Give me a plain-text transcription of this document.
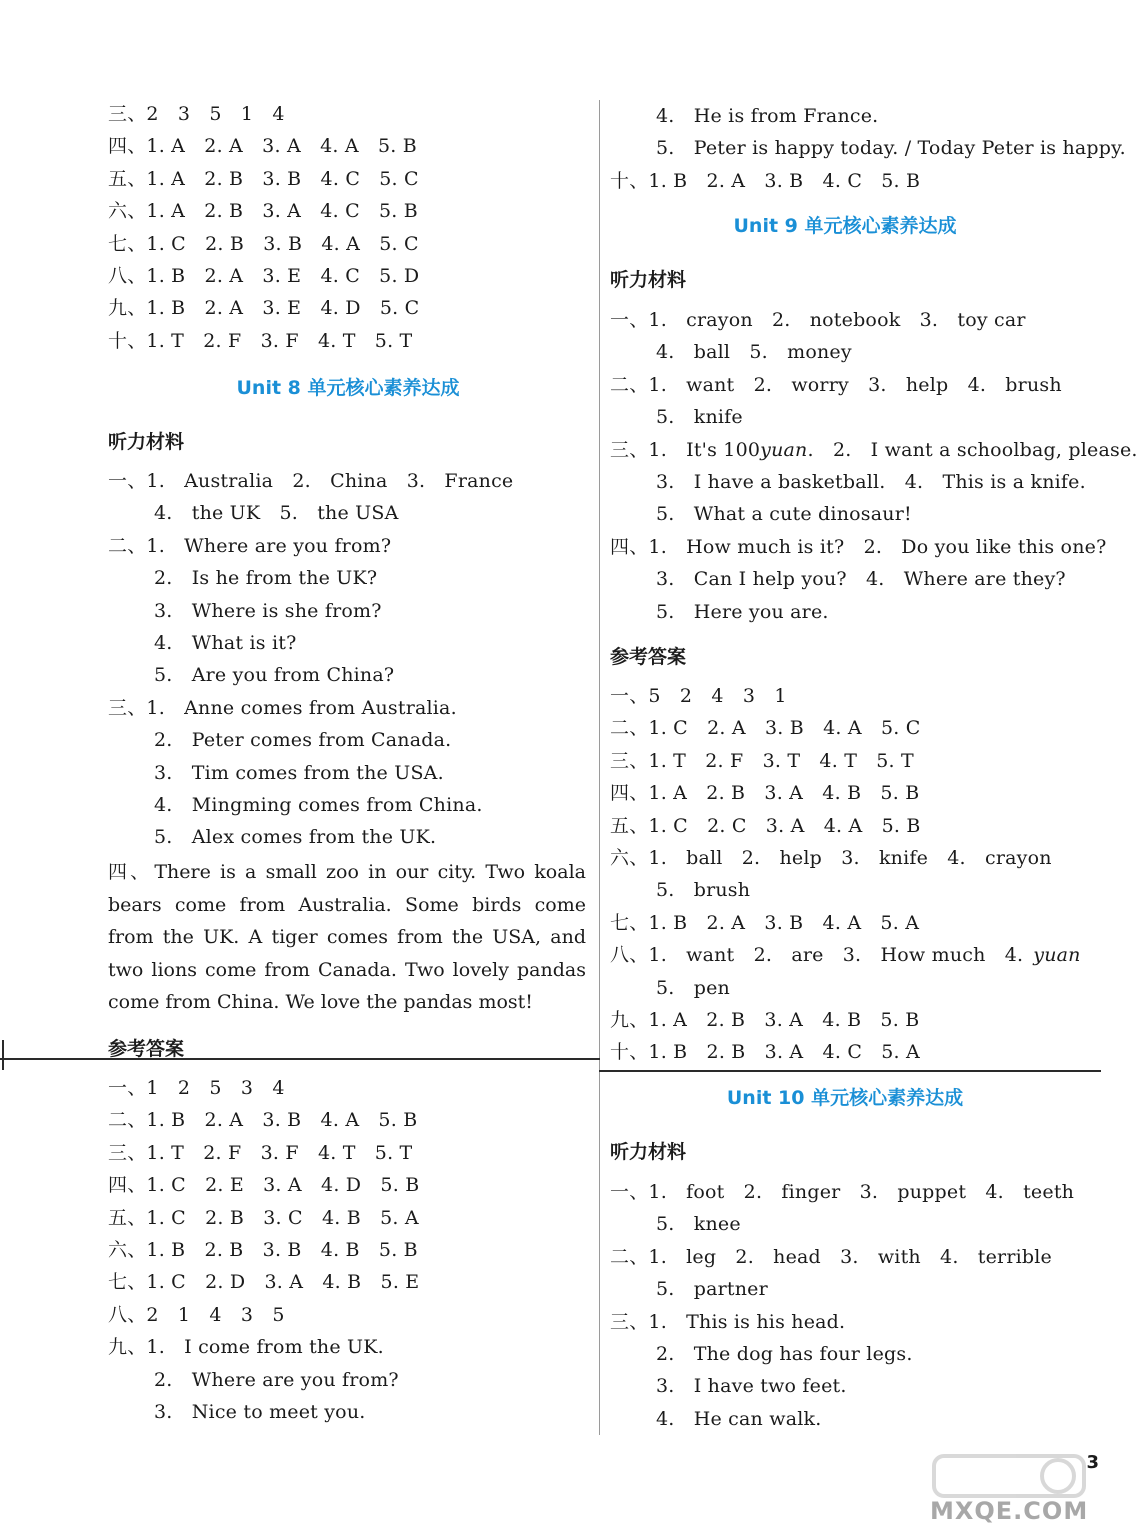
三、2　3　5　1　4
四、1. A　2. A　3. A　4. A　5. B
五、1. A　2. B　3. B　4. C　5. C
六、1. A　2. B　3. A　4. C　5. B
七、1. C　2. B　3. B　4. A　5. C
八、1. B　2. A　3. E　4. C　5. D
九、1. B　2. A　3. E　4. D　5. C
十、1. T　2. F　3. F　4. T　5. T
Unit 8 单元核心素养达成
听力材料
一、1.　Australia　2.　China　3.　France
4.　the UK　5.　the USA
二、1.　Where are you from?
2.　Is he from the UK?
3.　Where is she from?
4.　What is it?
5.　Are you from China?
三、1.　Anne comes from Australia.
2.　Peter comes from Canada.
3.　Tim comes from the USA.
4.　Mingming comes from China.
5.　Alex comes from the UK.
四、 There is a small zoo in our city. Two koala bears come from Australia. Some birds come from the UK. A tiger comes from the USA, and two lions come from Canada. Two lovely pandas come from China. We love the pandas most!
参考答案
一、1　2　5　3　4
二、1. B　2. A　3. B　4. A　5. B
三、1. T　2. F　3. F　4. T　5. T
四、1. C　2. E　3. A　4. D　5. B
五、1. C　2. B　3. C　4. B　5. A
六、1. B　2. B　3. B　4. B　5. B
七、1. C　2. D　3. A　4. B　5. E
八、2　1　4　3　5
九、1.　I come from the UK.
2.　Where are you from?
3.　Nice to meet you.
4.　He is from France.
5.　Peter is happy today. / Today Peter is happy.
十、1. B　2. A　3. B　4. C　5. B
Unit 9 单元核心素养达成
听力材料
一、1.　crayon　2.　notebook　3.　toy car
4.　ball　5.　money
二、1.　want　2.　worry　3.　help　4.　brush
5.　knife
三、1.　It's 100yuan.　2.　I want a schoolbag, please.
3.　I have a basketball.　4.　This is a knife.
5.　What a cute dinosaur!
四、1.　How much is it?　2.　Do you like this one?
3.　Can I help you?　4.　Where are they?
5.　Here you are.
参考答案
一、5　2　4　3　1
二、1. C　2. A　3. B　4. A　5. C
三、1. T　2. F　3. T　4. T　5. T
四、1. A　2. B　3. A　4. B　5. B
五、1. C　2. C　3. A　4. A　5. B
六、1.　ball　2.　help　3.　knife　4.　crayon
5.　brush
七、1. B　2. A　3. B　4. A　5. A
八、1.　want　2.　are　3.　How much　4. yuan
5.　pen
九、1. A　2. B　3. A　4. B　5. B
十、1. B　2. B　3. A　4. C　5. A
Unit 10 单元核心素养达成
听力材料
一、1.　foot　2.　finger　3.　puppet　4.　teeth
5.　knee
二、1.　leg　2.　head　3.　with　4.　terrible
5.　partner
三、1.　This is his head.
2.　The dog has four legs.
3.　I have two feet.
4.　He can walk.
3
MXQE.COM
